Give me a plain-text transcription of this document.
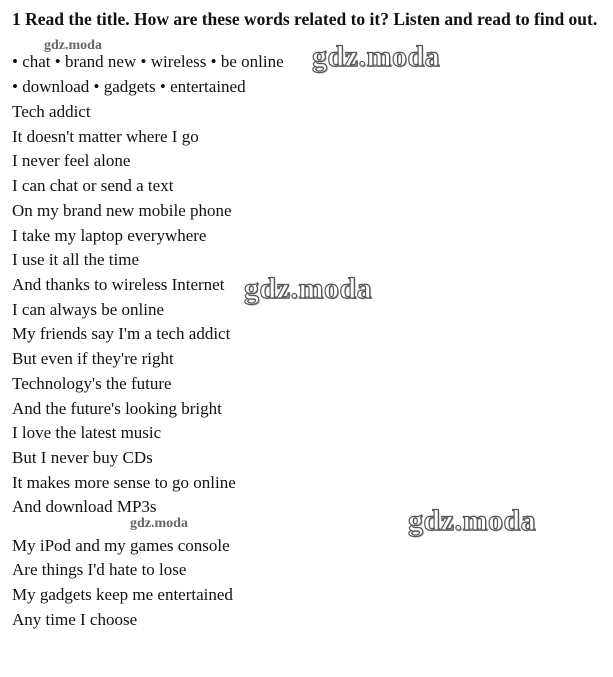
1 Read the title. How are these words related to it? Listen and read to find out.

• chat • brand new • wireless • be online
• download • gadgets • entertained
Tech addict
It doesn't matter where I go
I never feel alone
I can chat or send a text
On my brand new mobile phone
I take my laptop everywhere
I use it all the time
And thanks to wireless Internet
I can always be online
My friends say I'm a tech addict
But even if they're right
Technology's the future
And the future's looking bright
I love the latest music
But I never buy CDs
It makes more sense to go online
And download MP3s
My iPod and my games console
Are things I'd hate to lose
My gadgets keep me entertained
Any time I choose
gdz.moda	gdz.moda
gdz.moda
gdz.moda	gdz.moda
